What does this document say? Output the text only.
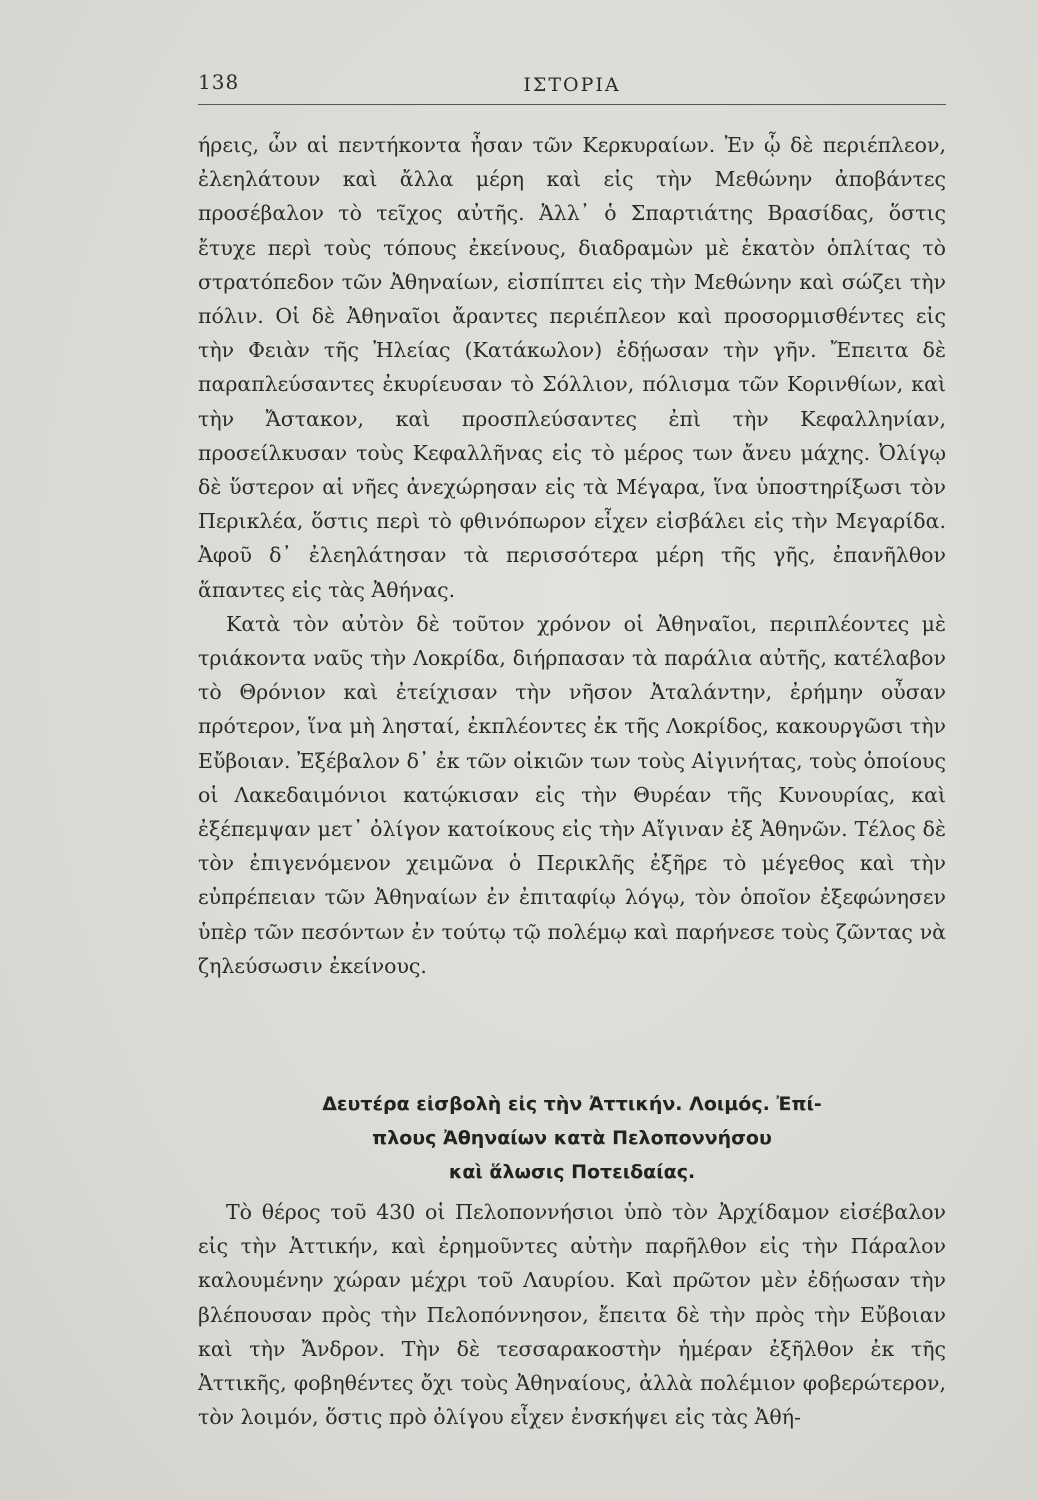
138	ΙΣΤΟΡΙΑ

ήρεις, ὧν αἱ πεντήκοντα ἦσαν τῶν Κερκυραίων. Ἐν ᾧ δὲ περιέπλεον, ἐλεηλάτουν καὶ ἄλλα μέρη καὶ εἰς τὴν Μεθώνην ἀποβάντες προσέβαλον τὸ τεῖχος αὐτῆς. Ἀλλ᾽ ὁ Σπαρτιάτης Βρασίδας, ὅστις ἔτυχε περὶ τοὺς τόπους ἐκείνους, διαδραμὼν μὲ ἑκατὸν ὁπλίτας τὸ στρατόπεδον τῶν Ἀθηναίων, εἰσπίπτει εἰς τὴν Μεθώνην καὶ σώζει τὴν πόλιν. Οἱ δὲ Ἀθηναῖοι ἄραντες περιέπλεον καὶ προσορμισθέντες εἰς τὴν Φειὰν τῆς Ἠλείας (Κατάκωλον) ἐδῄωσαν τὴν γῆν. Ἔπειτα δὲ παραπλεύσαντες ἐκυρίευσαν τὸ Σόλλιον, πόλισμα τῶν Κορινθίων, καὶ τὴν Ἄστακον, καὶ προσπλεύσαντες ἐπὶ τὴν Κεφαλληνίαν, προσείλκυσαν τοὺς Κεφαλλῆνας εἰς τὸ μέρος των ἄνευ μάχης. Ὀλίγῳ δὲ ὕστερον αἱ νῆες ἀνεχώρησαν εἰς τὰ Μέγαρα, ἵνα ὑποστηρίξωσι τὸν Περικλέα, ὅστις περὶ τὸ φθινόπωρον εἶχεν εἰσβάλει εἰς τὴν Μεγαρίδα. Ἀφοῦ δ᾽ ἐλεηλάτησαν τὰ περισσότερα μέρη τῆς γῆς, ἐπανῆλθον ἅπαντες εἰς τὰς Ἀθήνας.

Κατὰ τὸν αὐτὸν δὲ τοῦτον χρόνον οἱ Ἀθηναῖοι, περιπλέοντες μὲ τριάκοντα ναῦς τὴν Λοκρίδα, διήρπασαν τὰ παράλια αὐτῆς, κατέλαβον τὸ Θρόνιον καὶ ἐτείχισαν τὴν νῆσον Ἀταλάντην, ἐρήμην οὖσαν πρότερον, ἵνα μὴ λησταί, ἐκπλέοντες ἐκ τῆς Λοκρίδος, κακουργῶσι τὴν Εὔβοιαν. Ἐξέβαλον δ᾽ ἐκ τῶν οἰκιῶν των τοὺς Αἰγινήτας, τοὺς ὁποίους οἱ Λακεδαιμόνιοι κατῴκισαν εἰς τὴν Θυρέαν τῆς Κυνουρίας, καὶ ἐξέπεμψαν μετ᾽ ὀλίγον κατοίκους εἰς τὴν Αἴγιναν ἐξ Ἀθηνῶν. Τέλος δὲ τὸν ἐπιγενόμενον χειμῶνα ὁ Περικλῆς ἐξῆρε τὸ μέγεθος καὶ τὴν εὐπρέπειαν τῶν Ἀθηναίων ἐν ἐπιταφίῳ λόγῳ, τὸν ὁποῖον ἐξεφώνησεν ὑπὲρ τῶν πεσόντων ἐν τούτῳ τῷ πολέμῳ καὶ παρήνεσε τοὺς ζῶντας νὰ ζηλεύσωσιν ἐκείνους.

Δευτέρα εἰσβολὴ εἰς τὴν Ἀττικήν. Λοιμός. Ἐπί-
πλους Ἀθηναίων κατὰ Πελοποννήσου
καὶ ἅλωσις Ποτειδαίας.

Τὸ θέρος τοῦ 430 οἱ Πελοποννήσιοι ὑπὸ τὸν Ἀρχίδαμον εἰσέβαλον εἰς τὴν Ἀττικήν, καὶ ἐρημοῦντες αὐτὴν παρῆλθον εἰς τὴν Πάραλον καλουμένην χώραν μέχρι τοῦ Λαυρίου. Καὶ πρῶτον μὲν ἐδῄωσαν τὴν βλέπουσαν πρὸς τὴν Πελοπόννησον, ἔπειτα δὲ τὴν πρὸς τὴν Εὔβοιαν καὶ τὴν Ἄνδρον. Τὴν δὲ τεσσαρακοστὴν ἡμέραν ἐξῆλθον ἐκ τῆς Ἀττικῆς, φοβηθέντες ὄχι τοὺς Ἀθηναίους, ἀλλὰ πολέμιον φοβερώτερον, τὸν λοιμόν, ὅστις πρὸ ὀλίγου εἶχεν ἐνσκήψει εἰς τὰς Ἀθή-
